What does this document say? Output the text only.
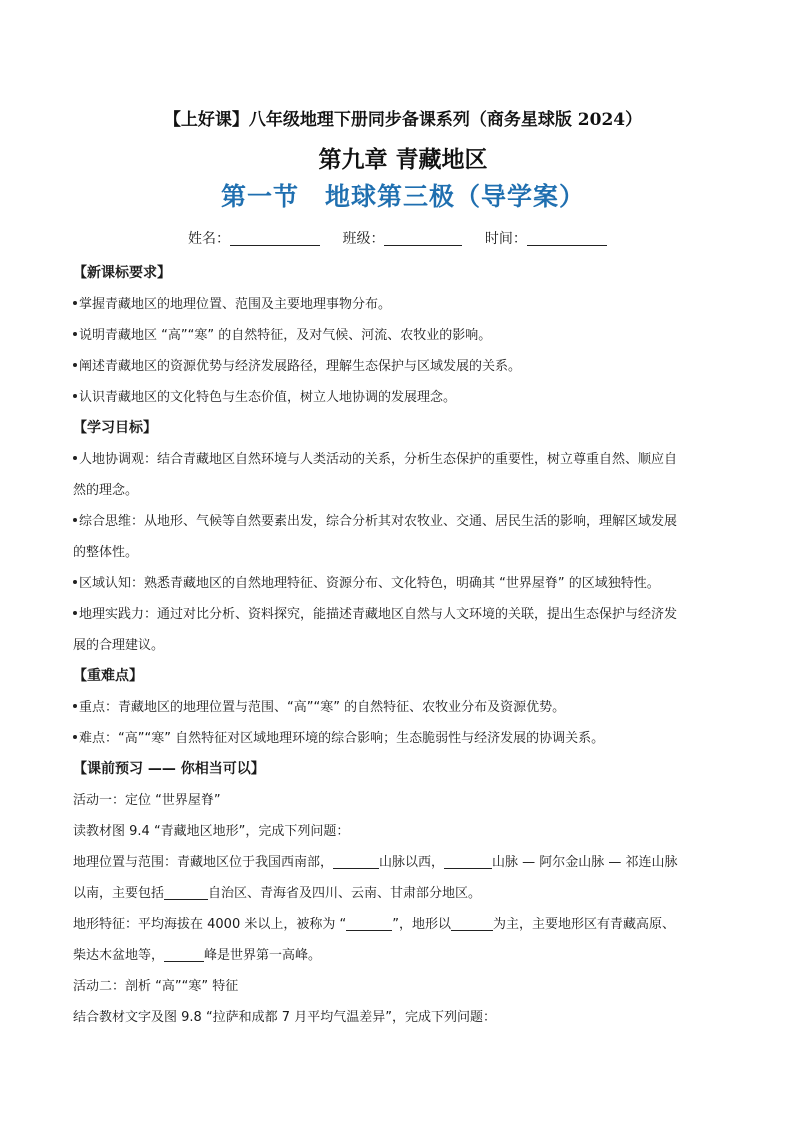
【上好课】八年级地理下册同步备课系列（商务星球版 2024）
第九章 青藏地区
第一节　地球第三极（导学案）
姓名：	班级：	时间：
【新课标要求】
掌握青藏地区的地理位置、范围及主要地理事物分布。
说明青藏地区 “高”“寒” 的自然特征，及对气候、河流、农牧业的影响。
阐述青藏地区的资源优势与经济发展路径，理解生态保护与区域发展的关系。
认识青藏地区的文化特色与生态价值，树立人地协调的发展理念。
【学习目标】
人地协调观：结合青藏地区自然环境与人类活动的关系，分析生态保护的重要性，树立尊重自然、顺应自
然的理念。
综合思维：从地形、气候等自然要素出发，综合分析其对农牧业、交通、居民生活的影响，理解区域发展
的整体性。
区域认知：熟悉青藏地区的自然地理特征、资源分布、文化特色，明确其 “世界屋脊” 的区域独特性。
地理实践力：通过对比分析、资料探究，能描述青藏地区自然与人文环境的关联，提出生态保护与经济发
展的合理建议。
【重难点】
重点：青藏地区的地理位置与范围、“高”“寒” 的自然特征、农牧业分布及资源优势。
难点：“高”“寒” 自然特征对区域地理环境的综合影响；生态脆弱性与经济发展的协调关系。
【课前预习 —— 你相当可以】
活动一：定位 “世界屋脊”
读教材图 9.4 “青藏地区地形”，完成下列问题：
地理位置与范围：青藏地区位于我国西南部，	山脉以西，	山脉 — 阿尔金山脉 — 祁连山脉
以南，主要包括	自治区、青海省及四川、云南、甘肃部分地区。
地形特征：平均海拔在 4000 米以上，被称为 “	”，地形以	为主，主要地形区有青藏高原、
柴达木盆地等，	峰是世界第一高峰。
活动二：剖析 “高”“寒” 特征
结合教材文字及图 9.8 “拉萨和成都 7 月平均气温差异”，完成下列问题：
